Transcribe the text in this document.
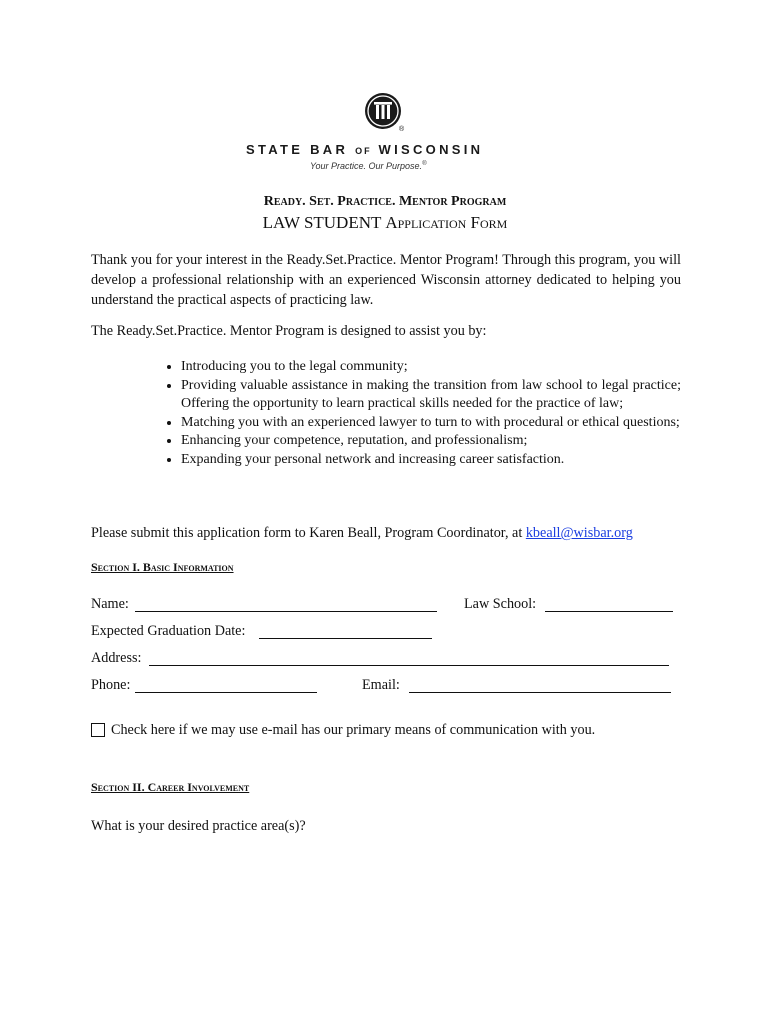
®
STATE BAR OF WISCONSIN
Your Practice. Our Purpose.®
Ready. Set. Practice. Mentor Program
LAW STUDENT Application Form
Thank you for your interest in the Ready.Set.Practice. Mentor Program! Through this program, you will develop a professional relationship with an experienced Wisconsin attorney dedicated to helping you understand the practical aspects of practicing law.
The Ready.Set.Practice. Mentor Program is designed to assist you by:
• Introducing you to the legal community;
• Providing valuable assistance in making the transition from law school to legal practice; Offering the opportunity to learn practical skills needed for the practice of law;
• Matching you with an experienced lawyer to turn to with procedural or ethical questions;
• Enhancing your competence, reputation, and professionalism;
• Expanding your personal network and increasing career satisfaction.
Please submit this application form to Karen Beall, Program Coordinator, at kbeall@wisbar.org
Section I. Basic Information
Name:	Law School:
Expected Graduation Date:
Address:
Phone:	Email:
Check here if we may use e-mail has our primary means of communication with you.
Section II. Career Involvement
What is your desired practice area(s)?
